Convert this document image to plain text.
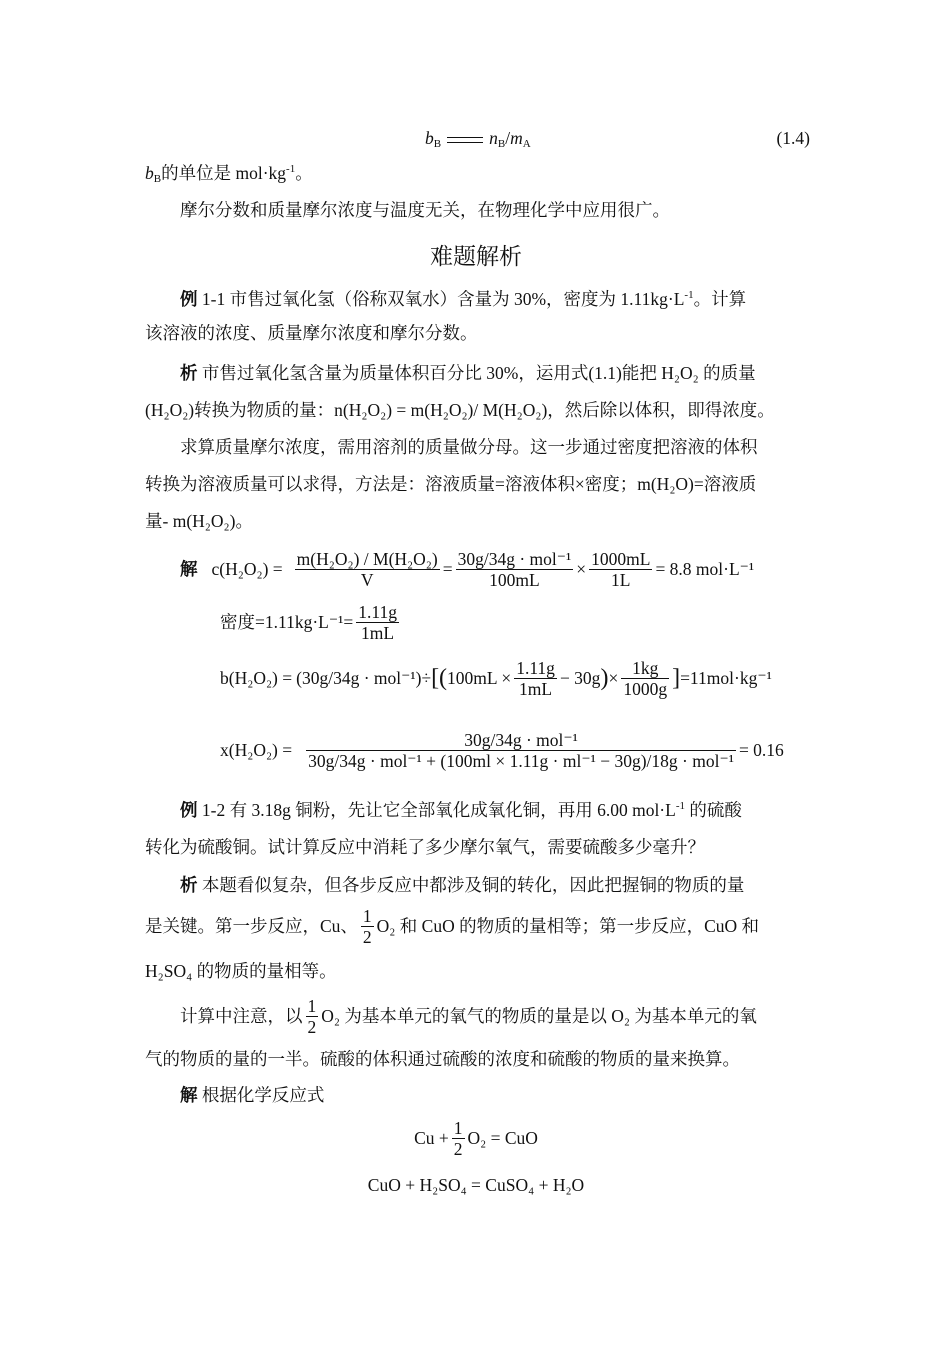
$b_B$	$n_B/m_A$	(1.4)
$b_B$的单位是 $mol\cdot kg^{-1}$。
摩尔分数和质量摩尔浓度与温度无关，在物理化学中应用很广。
难题解析
例 1-1 市售过氧化氢（俗称双氧水）含量为 30%，密度为 $1.11kg\cdot L^{-1}$。计算
该溶液的浓度、质量摩尔浓度和摩尔分数。
析 市售过氧化氢含量为质量体积百分比 30%，运用式(1.1)能把 H₂O₂ 的质量
(H₂O₂)转换为物质的量：n(H₂O₂) = m(H₂O₂)/ M(H₂O₂)，然后除以体积，即得浓度。
求算质量摩尔浓度，需用溶剂的质量做分母。这一步通过密度把溶液的体积
转换为溶液质量可以求得，方法是：溶液质量=溶液体积×密度；m(H₂O)=溶液质
量- m(H₂O₂)。
解 $c(H_2O_2) = \frac{\text{m(H₂O₂) / M(H₂O₂)}}{V} = \frac{\text{30g/34g · mol⁻¹}}{100mL} \times \frac{1000mL}{1L} = 8.8$ mol·L⁻¹
密度$=1.11kg\cdot L^{-1}= \frac{1.11g}{1mL}$
b(H₂O₂) = (30g/34g · mol⁻¹)÷ [( $100mL \times \frac{1.11g}{1mL} - 30g$ ) × $\frac{1kg}{1000g}$ ] =11mol·kg⁻¹
$x(H_2O_2) = \frac{\text{30g/34g · mol⁻¹}}{\text{30g/34g · mol⁻¹ + (100ml × 1.11g · ml⁻¹ − 30g)/18g · mol⁻¹}} = 0.16$
例 1-2 有 3.18g 铜粉，先让它全部氧化成氧化铜，再用 6.00 $mol\cdot L^{-1}$ 的硫酸
转化为硫酸铜。试计算反应中消耗了多少摩尔氧气，需要硫酸多少毫升？
析 本题看似复杂，但各步反应中都涉及铜的转化，因此把握铜的物质的量
是关键。第一步反应，Cu、 $\frac{1}{2} O_2$ 和 CuO 的物质的量相等；第一步反应，CuO 和
H₂SO₄ 的物质的量相等。
计算中注意，以 $\frac{1}{2} O_2$ 为基本单元的氧气的物质的量是以 O₂ 为基本单元的氧
气的物质的量的一半。硫酸的体积通过硫酸的浓度和硫酸的物质的量来换算。
解 根据化学反应式
$Cu + \frac{1}{2} O_2$ = CuO
CuO + H₂SO₄ = CuSO₄ + H₂O
